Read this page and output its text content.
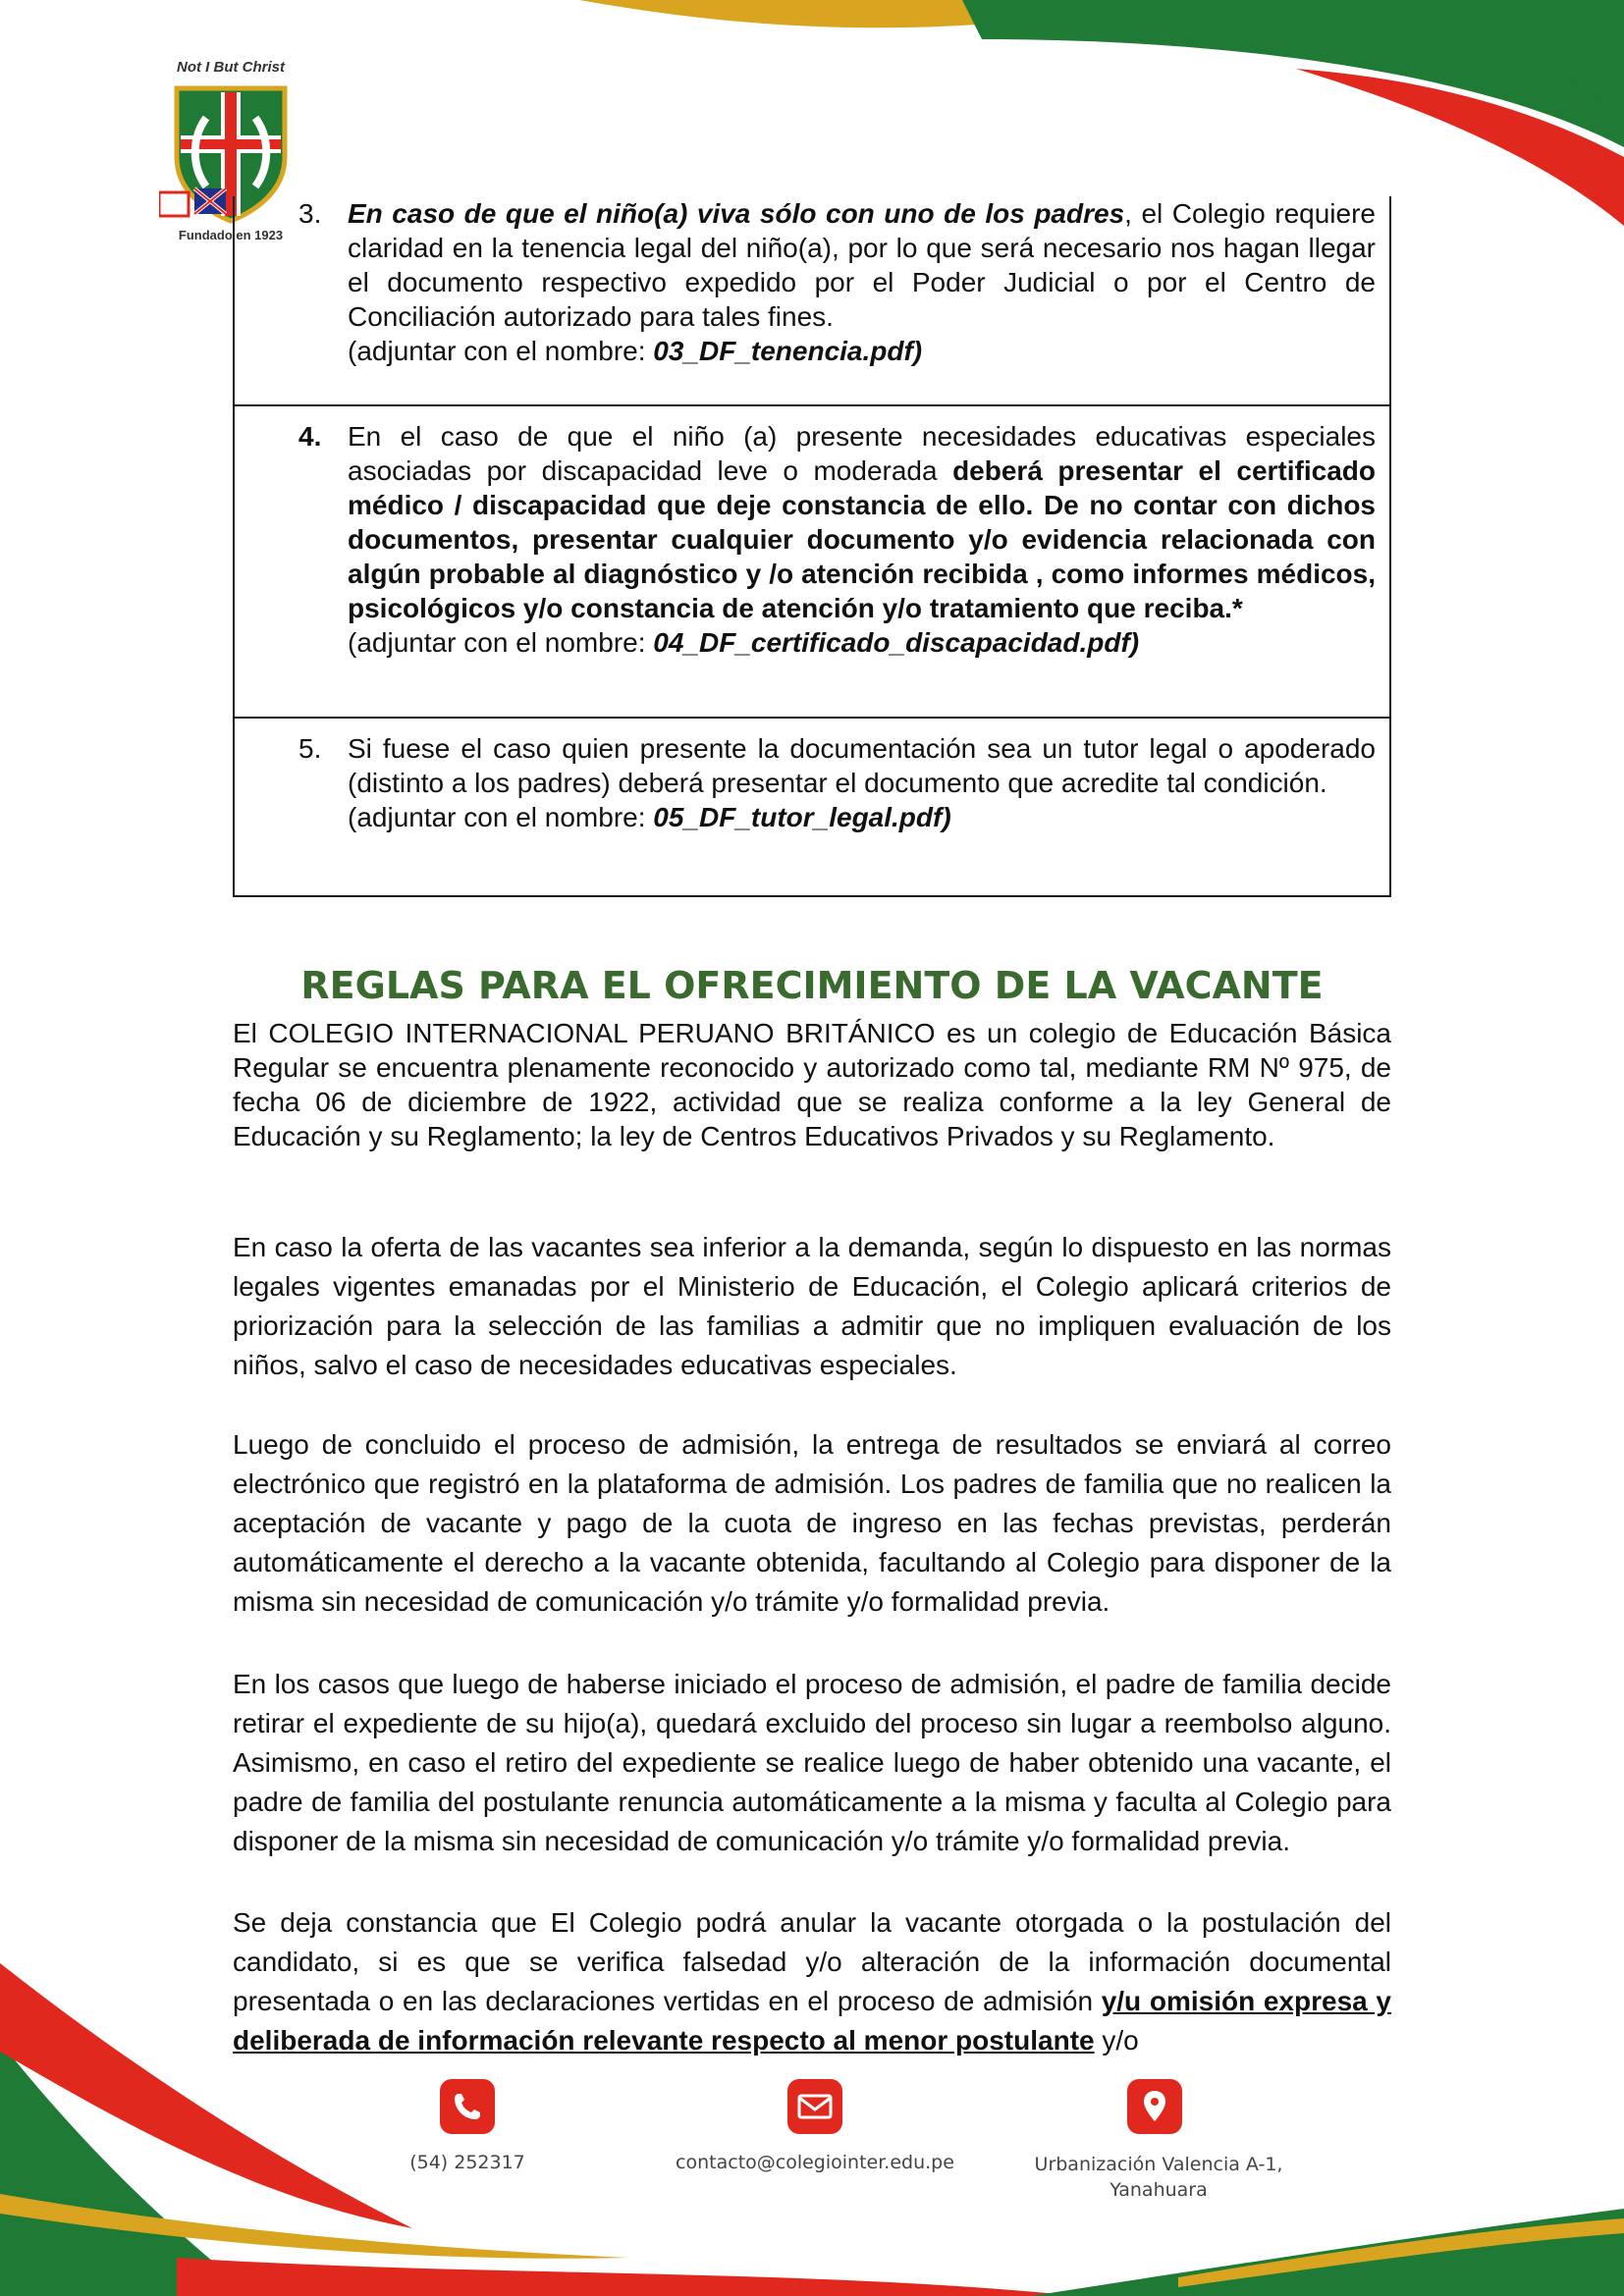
Not I But Christ
Fundado en 1923
3. En caso de que el niño(a) viva sólo con uno de los padres, el Colegio requiere claridad en la tenencia legal del niño(a), por lo que será necesario nos hagan llegar el documento respectivo expedido por el Poder Judicial o por el Centro de Conciliación autorizado para tales fines.
(adjuntar con el nombre: 03_DF_tenencia.pdf)

4. En el caso de que el niño (a) presente necesidades educativas especiales asociadas por discapacidad leve o moderada deberá presentar el certificado médico / discapacidad que deje constancia de ello. De no contar con dichos documentos, presentar cualquier documento y/o evidencia relacionada con algún probable al diagnóstico y /o atención recibida , como informes médicos, psicológicos y/o constancia de atención y/o tratamiento que reciba.*
(adjuntar con el nombre: 04_DF_certificado_discapacidad.pdf)

5. Si fuese el caso quien presente la documentación sea un tutor legal o apoderado (distinto a los padres) deberá presentar el documento que acredite tal condición.
(adjuntar con el nombre: 05_DF_tutor_legal.pdf)
REGLAS PARA EL OFRECIMIENTO DE LA VACANTE

El COLEGIO INTERNACIONAL PERUANO BRITÁNICO es un colegio de Educación Básica Regular se encuentra plenamente reconocido y autorizado como tal, mediante RM Nº 975, de fecha 06 de diciembre de 1922, actividad que se realiza conforme a la ley General de Educación y su Reglamento; la ley de Centros Educativos Privados y su Reglamento.

En caso la oferta de las vacantes sea inferior a la demanda, según lo dispuesto en las normas legales vigentes emanadas por el Ministerio de Educación, el Colegio aplicará criterios de priorización para la selección de las familias a admitir que no impliquen evaluación de los niños, salvo el caso de necesidades educativas especiales.

Luego de concluido el proceso de admisión, la entrega de resultados se enviará al correo electrónico que registró en la plataforma de admisión. Los padres de familia que no realicen la aceptación de vacante y pago de la cuota de ingreso en las fechas previstas, perderán automáticamente el derecho a la vacante obtenida, facultando al Colegio para disponer de la misma sin necesidad de comunicación y/o trámite y/o formalidad previa.

En los casos que luego de haberse iniciado el proceso de admisión, el padre de familia decide retirar el expediente de su hijo(a), quedará excluido del proceso sin lugar a reembolso alguno. Asimismo, en caso el retiro del expediente se realice luego de haber obtenido una vacante, el padre de familia del postulante renuncia automáticamente a la misma y faculta al Colegio para disponer de la misma sin necesidad de comunicación y/o trámite y/o formalidad previa.

Se deja constancia que El Colegio podrá anular la vacante otorgada o la postulación del candidato, si es que se verifica falsedad y/o alteración de la información documental presentada o en las declaraciones vertidas en el proceso de admisión y/u omisión expresa y deliberada de información relevante respecto al menor postulante y/o

(54) 252317	contacto@colegiointer.edu.pe	Urbanización Valencia A-1,
Yanahuara
